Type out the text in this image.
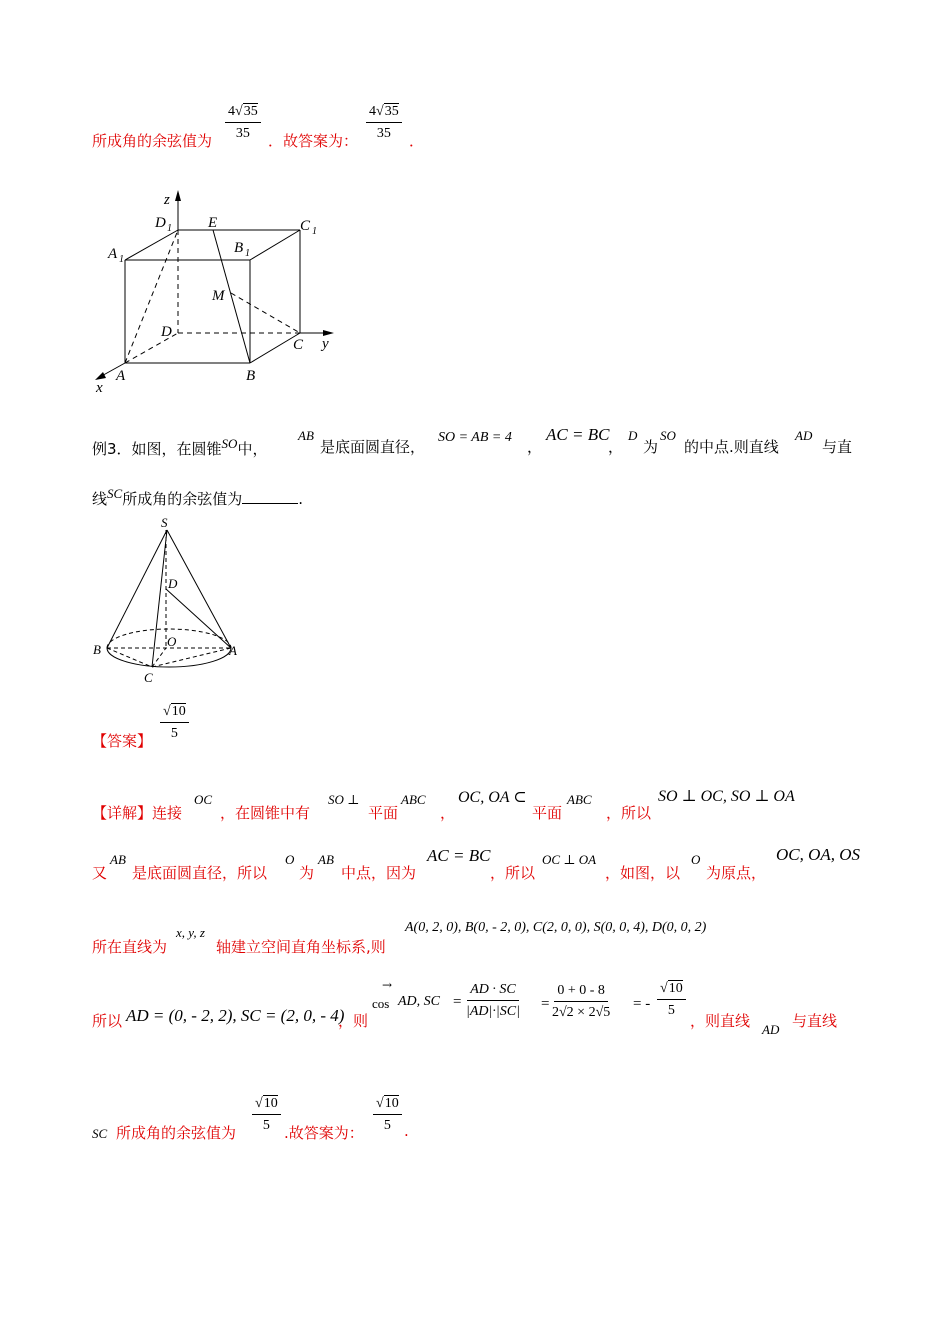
所成角的余弦值为 $\frac{4√35}{35}$ ．故答案为： $\frac{4√35}{35}$ ．
z
D 1 E	C 1
A 1
B 1
M
D
C y
A	B
x
例3．如图，在圆锥$^{SO}$中，
AB
是底面圆直径，
SO = AB = 4
，
AC = BC
，
D
为
SO
的中点.则直线
AD
与直
线$^{SC}$所成角的余弦值为	.
S
D
O
B	A
C
【答案】 $\frac{√10}{5}$
【详解】连接
OC
，在圆锥中有
SO ⊥
平面
ABC
，
OC, OA ⊂
平面
ABC
，所以
SO ⊥ OC, SO ⊥ OA
又
AB
是底面圆直径，所以
O
为
AB
中点，因为
AC = BC
，所以
OC ⊥ OA
，如图，以
O
为原点，
OC, OA, OS
所在直线为
x, y, z
轴建立空间直角坐标系,则
A(0, 2, 0), B(0, - 2, 0), C(2, 0, 0), S(0, 0, 4), D(0, 0, 2)
所以 AD = (0, - 2, 2), SC = (2, 0, - 4)
，则
→
cos AD, SC = $\frac{AD \cdot SC}{|AD|\cdot|SC|} = \frac{0 + 0 - 8}{2√2 \times 2√5}$ = - $\frac{√10}{5}$
，则直线 AD 与直线
SC 所成角的余弦值为 $\frac{√10}{5}$ .故答案为： $\frac{√10}{5}$ .
